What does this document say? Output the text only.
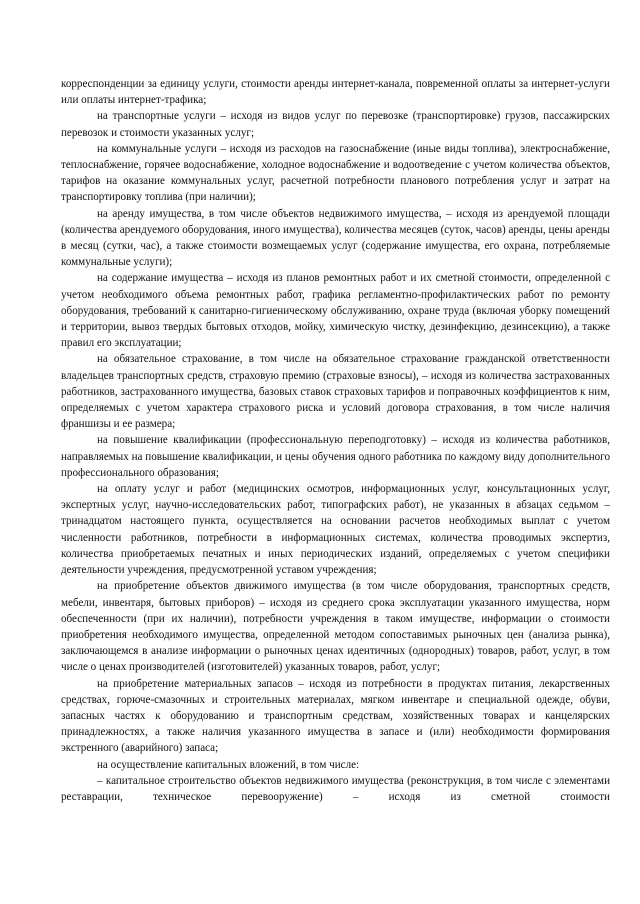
корреспонденции за единицу услуги, стоимости аренды интернет-канала, повременной оплаты за интернет-услуги или оплаты интернет-трафика;

на транспортные услуги – исходя из видов услуг по перевозке (транспортировке) грузов, пассажирских перевозок и стоимости указанных услуг;

на коммунальные услуги – исходя из расходов на газоснабжение (иные виды топлива), электроснабжение, теплоснабжение, горячее водоснабжение, холодное водоснабжение и водоотведение с учетом количества объектов, тарифов на оказание коммунальных услуг, расчетной потребности планового потребления услуг и затрат на транспортировку топлива (при наличии);

на аренду имущества, в том числе объектов недвижимого имущества, – исходя из арендуемой площади (количества арендуемого оборудования, иного имущества), количества месяцев (суток, часов) аренды, цены аренды в месяц (сутки, час), а также стоимости возмещаемых услуг (содержание имущества, его охрана, потребляемые коммунальные услуги);

на содержание имущества – исходя из планов ремонтных работ и их сметной стоимости, определенной с учетом необходимого объема ремонтных работ, графика регламентно-профилактических работ по ремонту оборудования, требований к санитарно-гигиеническому обслуживанию, охране труда (включая уборку помещений и территории, вывоз твердых бытовых отходов, мойку, химическую чистку, дезинфекцию, дезинсекцию), а также правил его эксплуатации;

на обязательное страхование, в том числе на обязательное страхование гражданской ответственности владельцев транспортных средств, страховую премию (страховые взносы), – исходя из количества застрахованных работников, застрахованного имущества, базовых ставок страховых тарифов и поправочных коэффициентов к ним, определяемых с учетом характера страхового риска и условий договора страхования, в том числе наличия франшизы и ее размера;

на повышение квалификации (профессиональную переподготовку) – исходя из количества работников, направляемых на повышение квалификации, и цены обучения одного работника по каждому виду дополнительного профессионального образования;

на оплату услуг и работ (медицинских осмотров, информационных услуг, консультационных услуг, экспертных услуг, научно-исследовательских работ, типографских работ), не указанных в абзацах седьмом – тринадцатом настоящего пункта, осуществляется на основании расчетов необходимых выплат с учетом численности работников, потребности в информационных системах, количества проводимых экспертиз, количества приобретаемых печатных и иных периодических изданий, определяемых с учетом специфики деятельности учреждения, предусмотренной уставом учреждения;

на приобретение объектов движимого имущества (в том числе оборудования, транспортных средств, мебели, инвентаря, бытовых приборов) – исходя из среднего срока эксплуатации указанного имущества, норм обеспеченности (при их наличии), потребности учреждения в таком имуществе, информации о стоимости приобретения необходимого имущества, определенной методом сопоставимых рыночных цен (анализа рынка), заключающемся в анализе информации о рыночных ценах идентичных (однородных) товаров, работ, услуг, в том числе о ценах производителей (изготовителей) указанных товаров, работ, услуг;

на приобретение материальных запасов – исходя из потребности в продуктах питания, лекарственных средствах, горюче-смазочных и строительных материалах, мягком инвентаре и специальной одежде, обуви, запасных частях к оборудованию и транспортным средствам, хозяйственных товарах и канцелярских принадлежностях, а также наличия указанного имущества в запасе и (или) необходимости формирования экстренного (аварийного) запаса;

на осуществление капитальных вложений, в том числе:

– капитальное строительство объектов недвижимого имущества (реконструкция, в том числе с элементами реставрации, техническое перевооружение) – исходя из сметной стоимости
